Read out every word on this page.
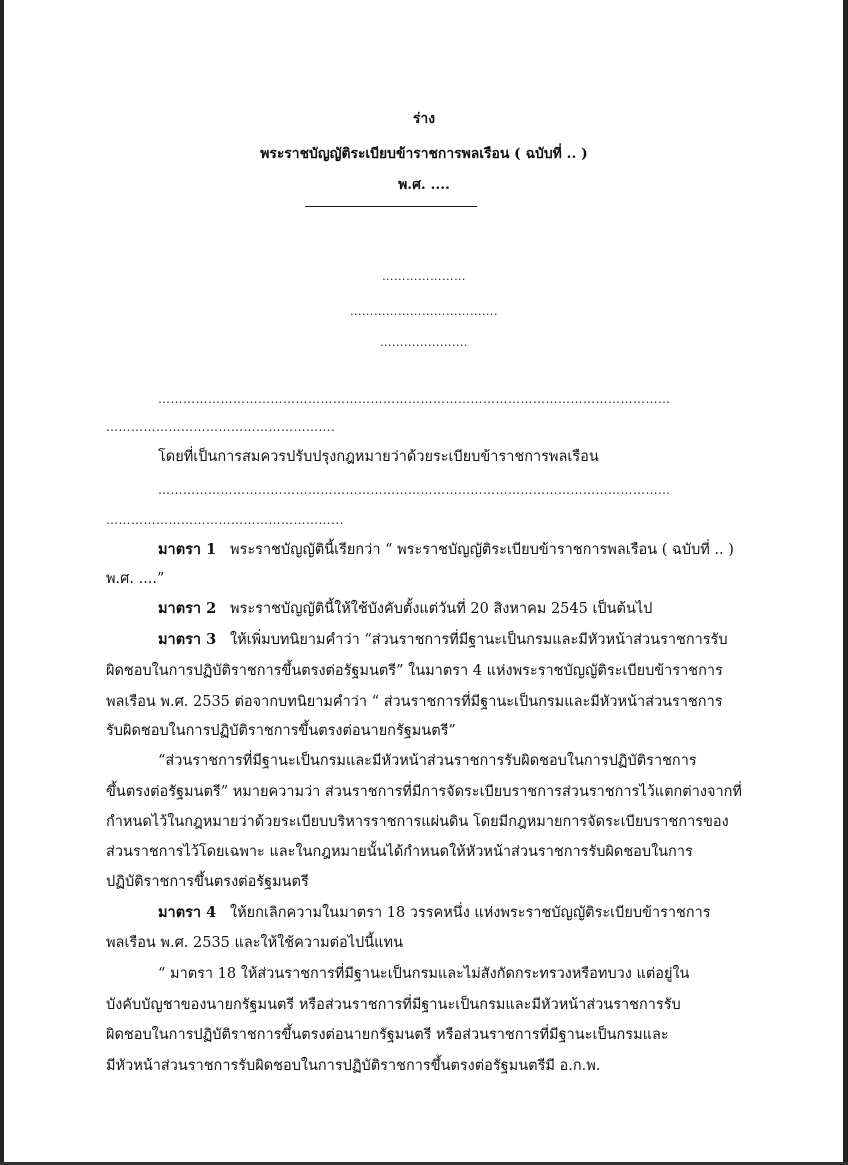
ร่าง
พระราชบัญญัติระเบียบข้าราชการพลเรือน ( ฉบับที่ .. )
พ.ศ. ....
…………………
……………………………….
………………….
……………………………………………………………………………………………………………
……………………………………………….
โดยที่เป็นการสมควรปรับปรุงกฎหมายว่าด้วยระเบียบข้าราชการพลเรือน
……………………………………………………………………………………………………………
………………………………………………...
มาตรา 1 พระราชบัญญัตินี้เรียกว่า “ พระราชบัญญัติระเบียบข้าราชการพลเรือน ( ฉบับที่ .. )
พ.ศ. ....”
มาตรา 2 พระราชบัญญัตินี้ให้ใช้บังคับตั้งแต่วันที่ 20 สิงหาคม 2545 เป็นต้นไป
มาตรา 3 ให้เพิ่มบทนิยามคำว่า “ส่วนราชการที่มีฐานะเป็นกรมและมีหัวหน้าส่วนราชการรับ
ผิดชอบในการปฏิบัติราชการขึ้นตรงต่อรัฐมนตรี” ในมาตรา 4 แห่งพระราชบัญญัติระเบียบข้าราชการ
พลเรือน พ.ศ. 2535 ต่อจากบทนิยามคำว่า “ ส่วนราชการที่มีฐานะเป็นกรมและมีหัวหน้าส่วนราชการ
รับผิดชอบในการปฏิบัติราชการขึ้นตรงต่อนายกรัฐมนตรี”
“ส่วนราชการที่มีฐานะเป็นกรมและมีหัวหน้าส่วนราชการรับผิดชอบในการปฏิบัติราชการ
ขึ้นตรงต่อรัฐมนตรี” หมายความว่า ส่วนราชการที่มีการจัดระเบียบราชการส่วนราชการไว้แตกต่างจากที่
กำหนดไว้ในกฎหมายว่าด้วยระเบียบบริหารราชการแผ่นดิน โดยมีกฎหมายการจัดระเบียบราชการของ
ส่วนราชการไว้โดยเฉพาะ และในกฎหมายนั้นได้กำหนดให้หัวหน้าส่วนราชการรับผิดชอบในการ
ปฏิบัติราชการขึ้นตรงต่อรัฐมนตรี
มาตรา 4 ให้ยกเลิกความในมาตรา 18 วรรคหนึ่ง แห่งพระราชบัญญัติระเบียบข้าราชการ
พลเรือน พ.ศ. 2535 และให้ใช้ความต่อไปนี้แทน
“ มาตรา 18 ให้ส่วนราชการที่มีฐานะเป็นกรมและไม่สังกัดกระทรวงหรือทบวง แต่อยู่ใน
บังคับบัญชาของนายกรัฐมนตรี หรือส่วนราชการที่มีฐานะเป็นกรมและมีหัวหน้าส่วนราชการรับ
ผิดชอบในการปฏิบัติราชการขึ้นตรงต่อนายกรัฐมนตรี หรือส่วนราชการที่มีฐานะเป็นกรมและ
มีหัวหน้าส่วนราชการรับผิดชอบในการปฏิบัติราชการขึ้นตรงต่อรัฐมนตรีมี อ.ก.พ.
